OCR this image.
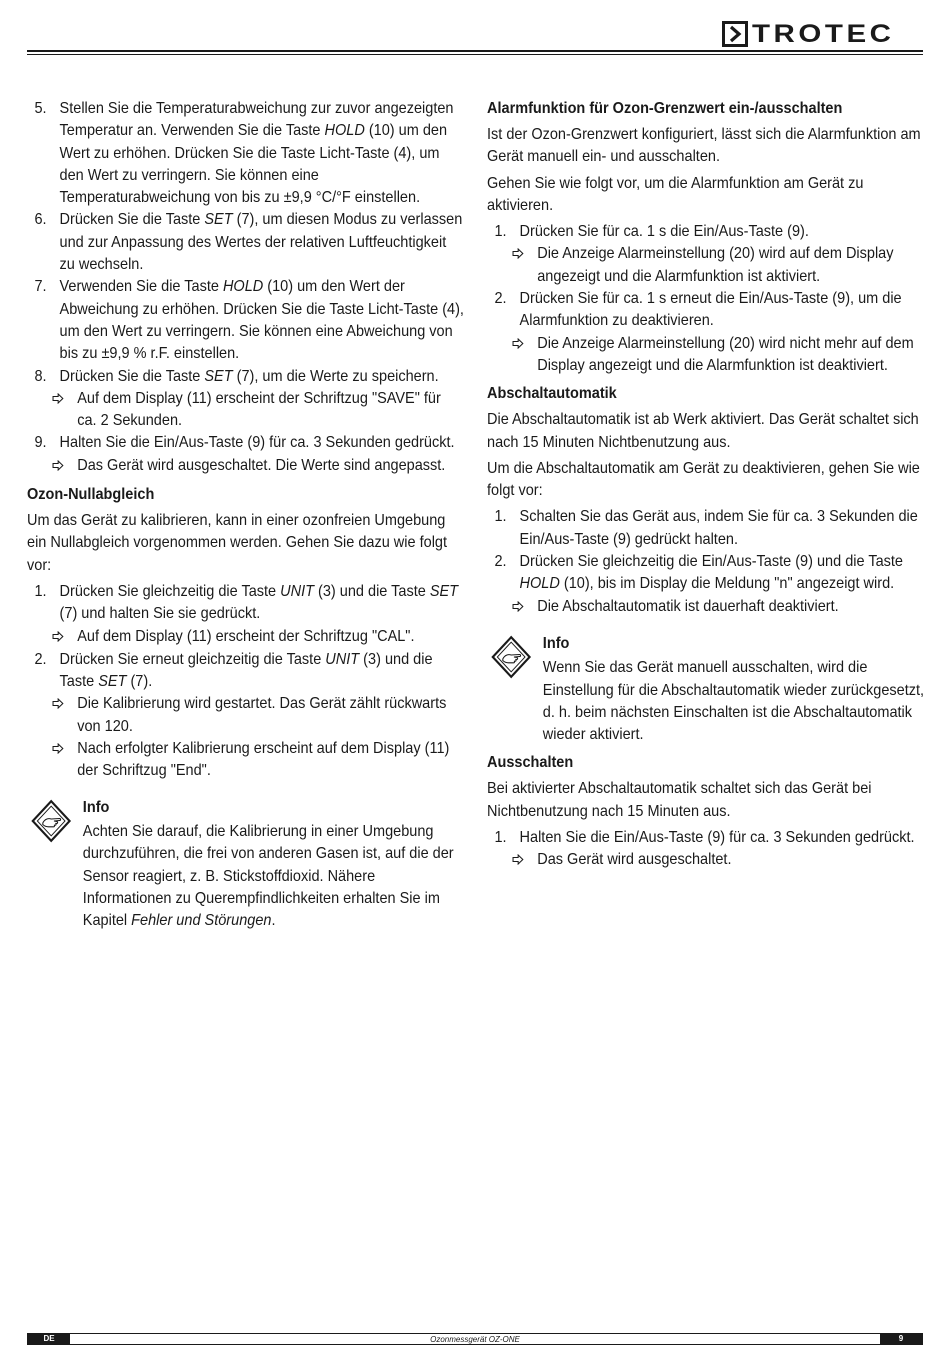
TROTEC
5. Stellen Sie die Temperaturabweichung zur zuvor angezeigten Temperatur an. Verwenden Sie die Taste HOLD (10) um den Wert zu erhöhen. Drücken Sie die Taste Licht-Taste (4), um den Wert zu verringern. Sie können eine Temperaturabweichung von bis zu ±9,9 °C/°F einstellen.
6. Drücken Sie die Taste SET (7), um diesen Modus zu verlassen und zur Anpassung des Wertes der relativen Luftfeuchtigkeit zu wechseln.
7. Verwenden Sie die Taste HOLD (10) um den Wert der Abweichung zu erhöhen. Drücken Sie die Taste Licht-Taste (4), um den Wert zu verringern. Sie können eine Abweichung von bis zu ±9,9 % r.F. einstellen.
8. Drücken Sie die Taste SET (7), um die Werte zu speichern.
Auf dem Display (11) erscheint der Schriftzug "SAVE" für ca. 2 Sekunden.
9. Halten Sie die Ein/Aus-Taste (9) für ca. 3 Sekunden gedrückt.
Das Gerät wird ausgeschaltet. Die Werte sind angepasst.
Ozon-Nullabgleich

Um das Gerät zu kalibrieren, kann in einer ozonfreien Umgebung ein Nullabgleich vorgenommen werden. Gehen Sie dazu wie folgt vor:

1. Drücken Sie gleichzeitig die Taste UNIT (3) und die Taste SET (7) und halten Sie sie gedrückt.
Auf dem Display (11) erscheint der Schriftzug "CAL".
2. Drücken Sie erneut gleichzeitig die Taste UNIT (3) und die Taste SET (7).
Die Kalibrierung wird gestartet. Das Gerät zählt rückwarts von 120.
Nach erfolgter Kalibrierung erscheint auf dem Display (11) der Schriftzug "End".
Info
Achten Sie darauf, die Kalibrierung in einer Umgebung durchzuführen, die frei von anderen Gasen ist, auf die der Sensor reagiert, z. B. Stickstoffdioxid. Nähere Informationen zu Querempfindlichkeiten erhalten Sie im Kapitel Fehler und Störungen.
Alarmfunktion für Ozon-Grenzwert ein-/ausschalten

Ist der Ozon-Grenzwert konfiguriert, lässt sich die Alarmfunktion am Gerät manuell ein- und ausschalten.

Gehen Sie wie folgt vor, um die Alarmfunktion am Gerät zu aktivieren.

1. Drücken Sie für ca. 1 s die Ein/Aus-Taste (9).
Die Anzeige Alarmeinstellung (20) wird auf dem Display angezeigt und die Alarmfunktion ist aktiviert.
2. Drücken Sie für ca. 1 s erneut die Ein/Aus-Taste (9), um die Alarmfunktion zu deaktivieren.
Die Anzeige Alarmeinstellung (20) wird nicht mehr auf dem Display angezeigt und die Alarmfunktion ist deaktiviert.
Abschaltautomatik

Die Abschaltautomatik ist ab Werk aktiviert. Das Gerät schaltet sich nach 15 Minuten Nichtbenutzung aus.

Um die Abschaltautomatik am Gerät zu deaktivieren, gehen Sie wie folgt vor:

1. Schalten Sie das Gerät aus, indem Sie für ca. 3 Sekunden die Ein/Aus-Taste (9) gedrückt halten.
2. Drücken Sie gleichzeitig die Ein/Aus-Taste (9) und die Taste HOLD (10), bis im Display die Meldung "n" angezeigt wird.
Die Abschaltautomatik ist dauerhaft deaktiviert.
Info
Wenn Sie das Gerät manuell ausschalten, wird die Einstellung für die Abschaltautomatik wieder zurückgesetzt, d. h. beim nächsten Einschalten ist die Abschaltautomatik wieder aktiviert.
Ausschalten

Bei aktivierter Abschaltautomatik schaltet sich das Gerät bei Nichtbenutzung nach 15 Minuten aus.

1. Halten Sie die Ein/Aus-Taste (9) für ca. 3 Sekunden gedrückt.
Das Gerät wird ausgeschaltet.
DE	Ozonmessgerät OZ-ONE	9
